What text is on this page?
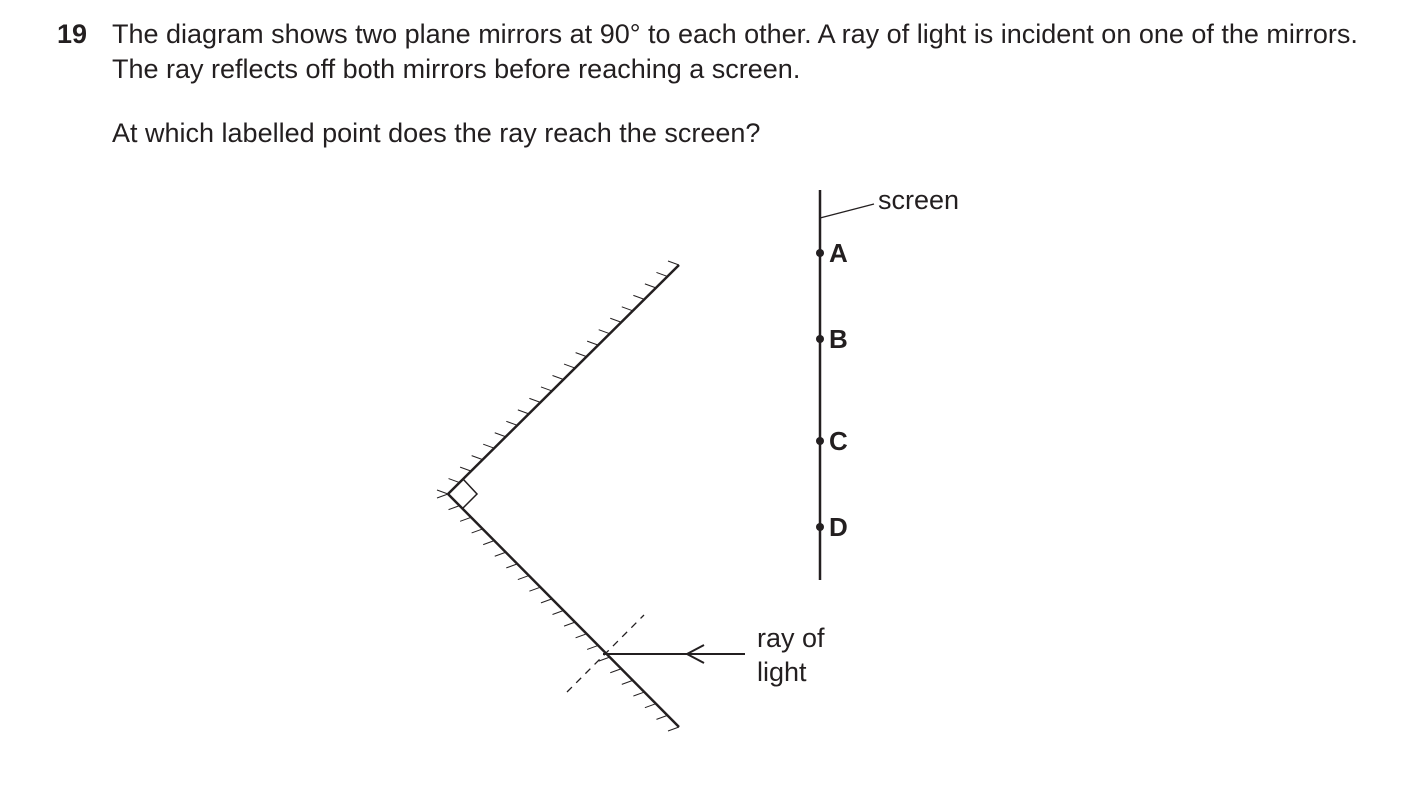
19 The diagram shows two plane mirrors at 90° to each other. A ray of light is incident on one of the mirrors. The ray reflects off both mirrors before reaching a screen.
At which labelled point does the ray reach the screen?
screen
A
B
C
D
ray of
light
